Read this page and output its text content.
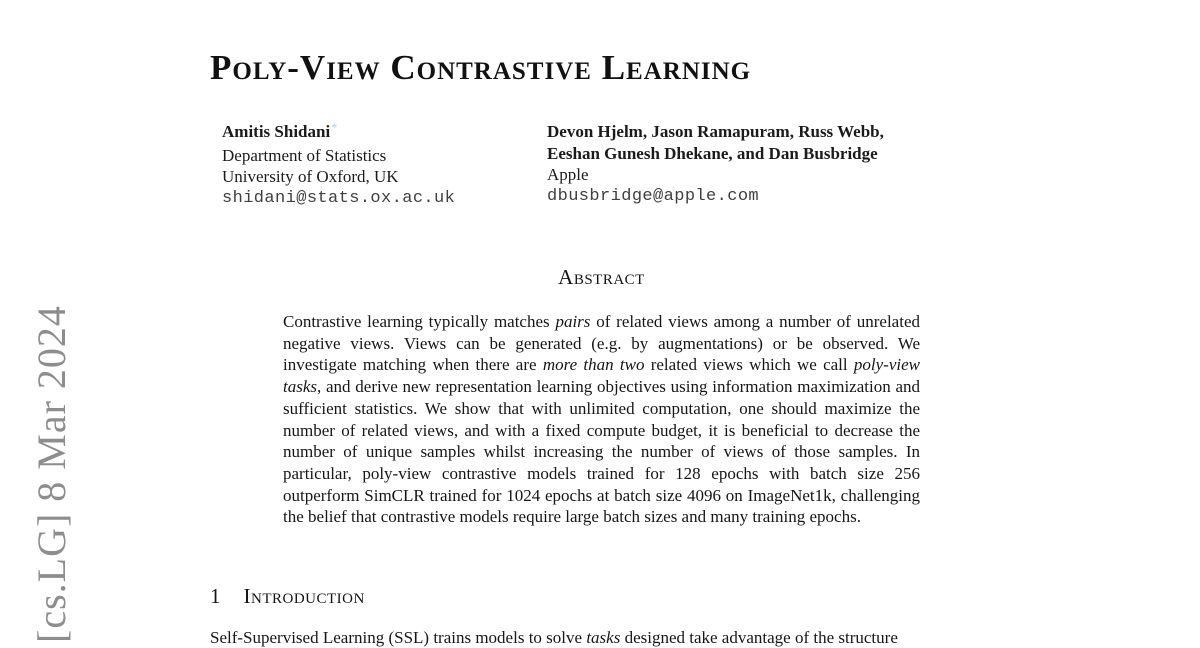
[cs.LG] 8 Mar 2024
Poly-View Contrastive Learning
Amitis Shidani*
Department of Statistics
University of Oxford, UK
shidani@stats.ox.ac.uk
Devon Hjelm, Jason Ramapuram, Russ Webb,
Eeshan Gunesh Dhekane, and Dan Busbridge
Apple
dbusbridge@apple.com
Abstract

Contrastive learning typically matches pairs of related views among a number of unrelated negative views. Views can be generated (e.g. by augmentations) or be observed. We investigate matching when there are more than two related views which we call poly-view tasks, and derive new representation learning objectives using information maximization and sufficient statistics. We show that with unlimited computation, one should maximize the number of related views, and with a fixed compute budget, it is beneficial to decrease the number of unique samples whilst increasing the number of views of those samples. In particular, poly-view contrastive models trained for 128 epochs with batch size 256 outperform SimCLR trained for 1024 epochs at batch size 4096 on ImageNet1k, challenging the belief that contrastive models require large batch sizes and many training epochs.

1 Introduction

Self-Supervised Learning (SSL) trains models to solve tasks designed take advantage of the structure
